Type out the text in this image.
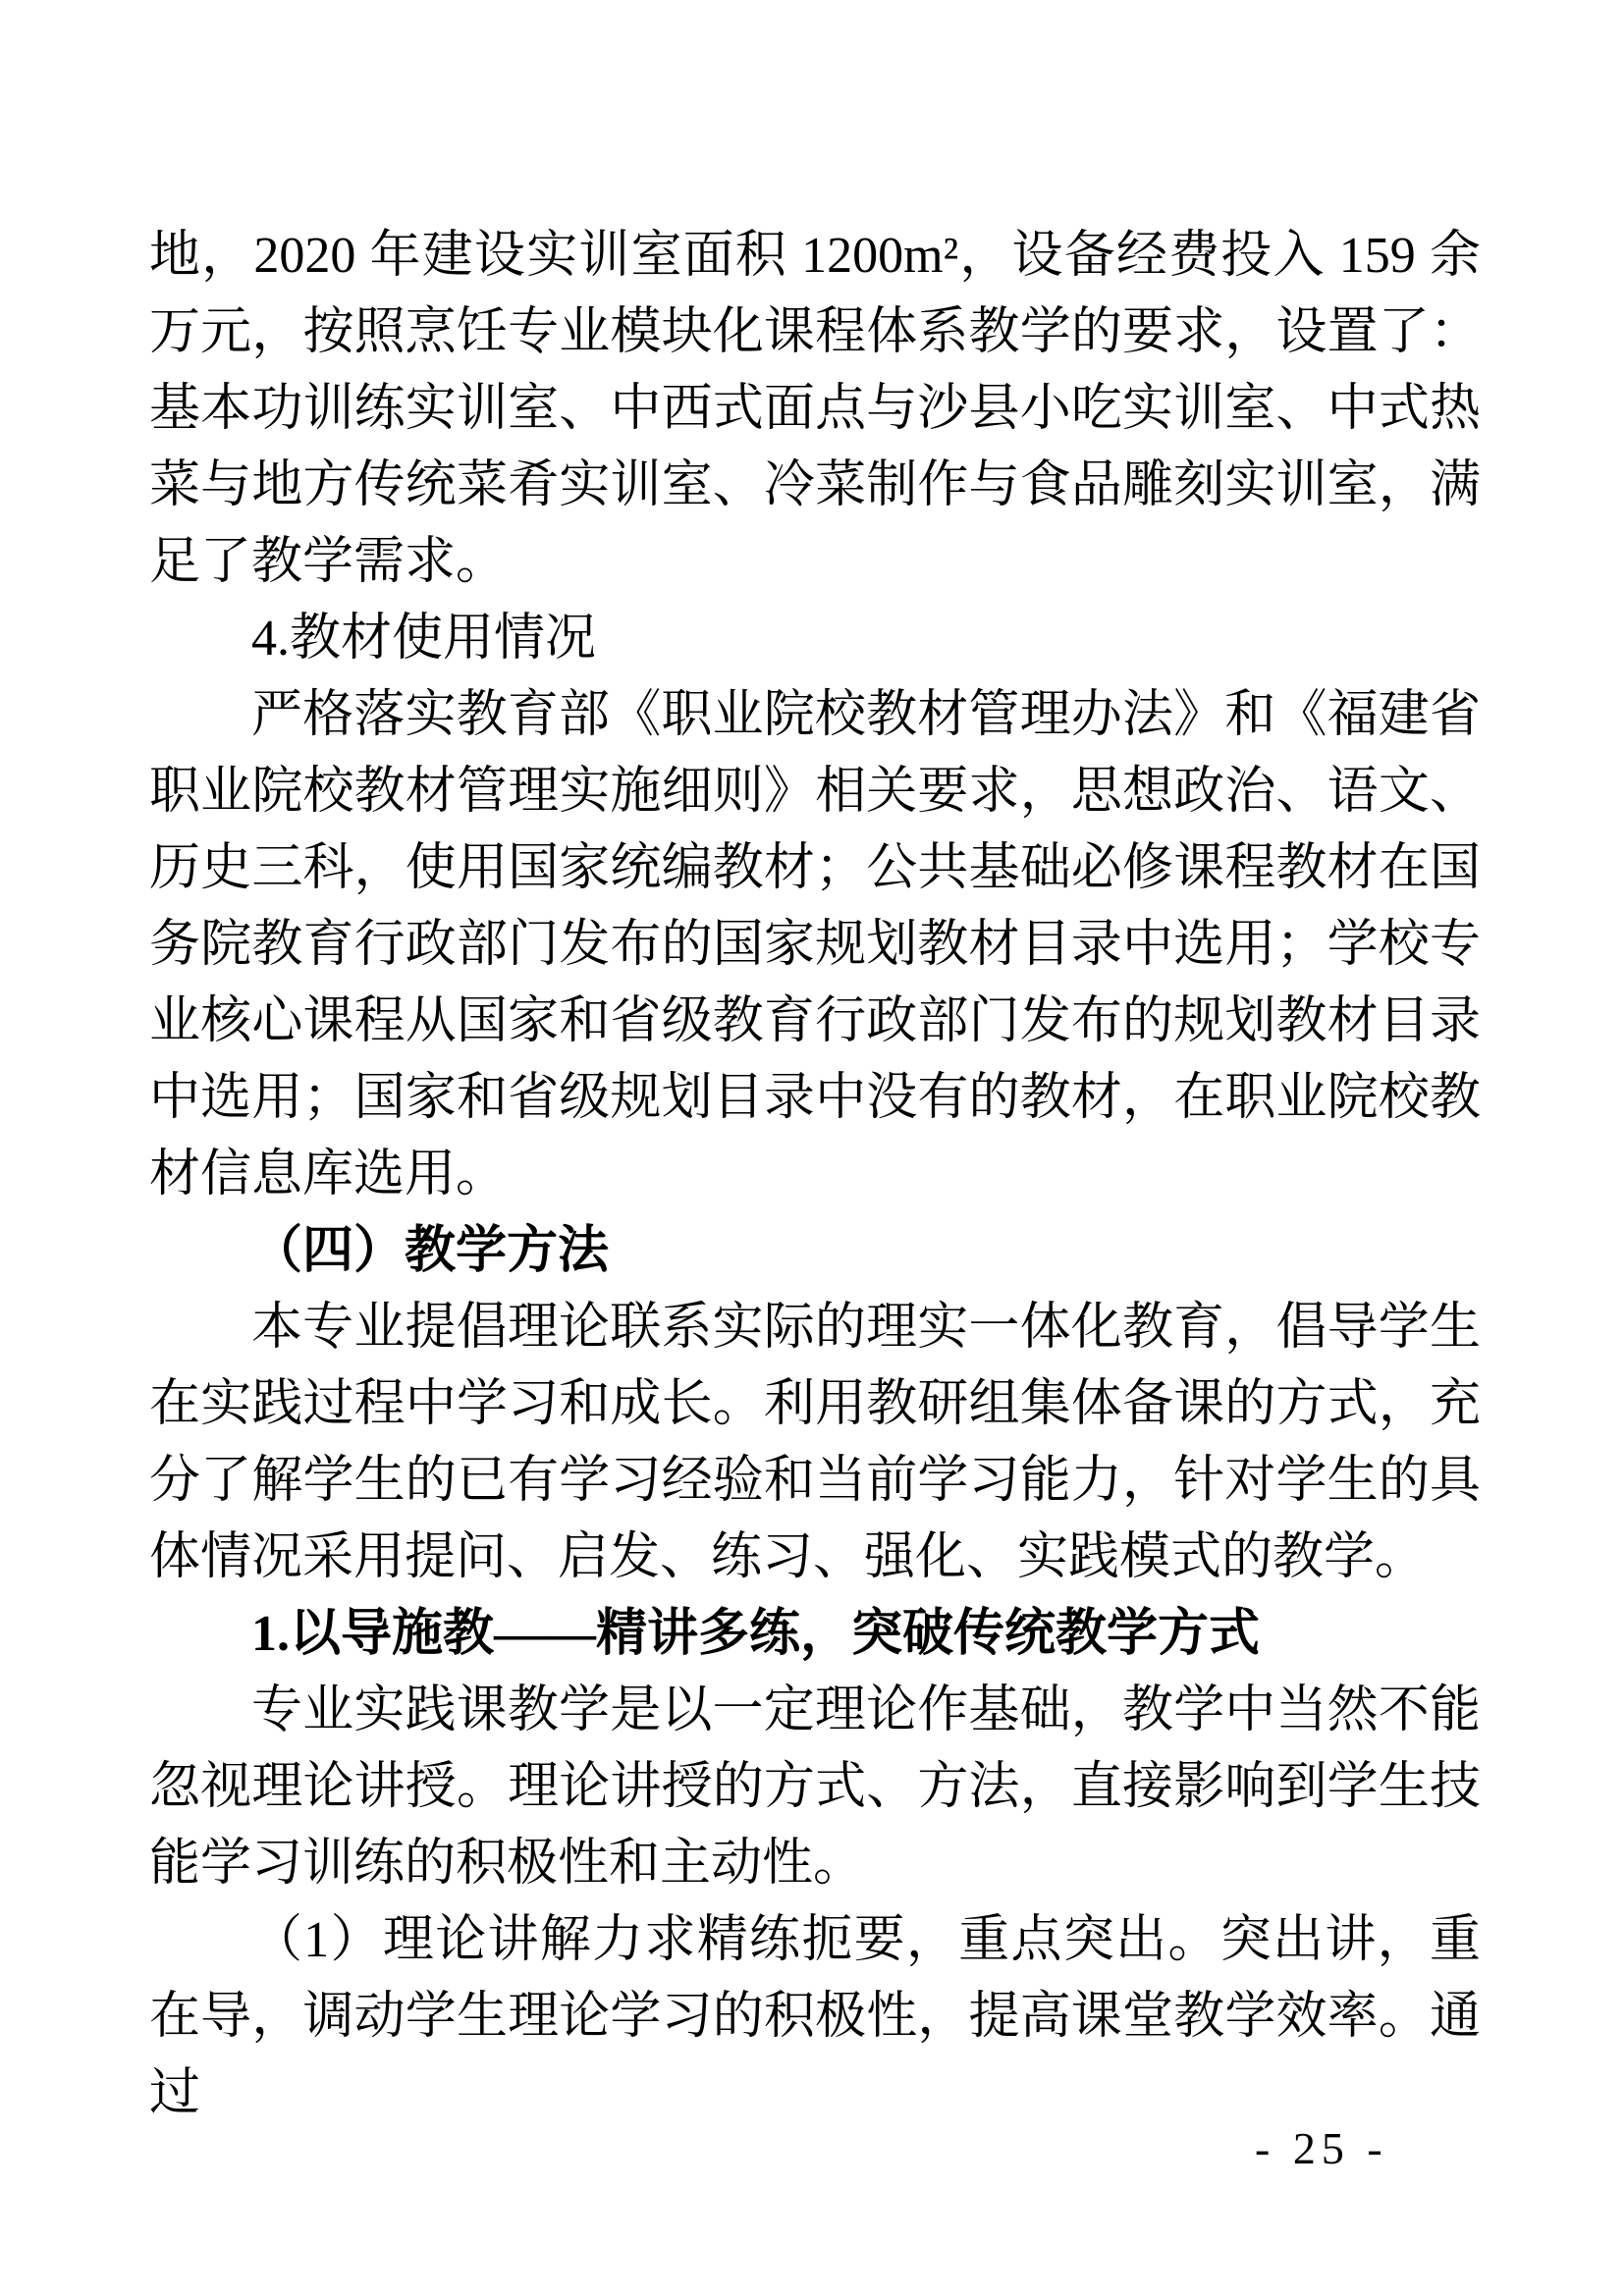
地，2020 年建设实训室面积 1200m²，设备经费投入 159 余万元，按照烹饪专业模块化课程体系教学的要求，设置了：基本功训练实训室、中西式面点与沙县小吃实训室、中式热菜与地方传统菜肴实训室、冷菜制作与食品雕刻实训室，满足了教学需求。

4.教材使用情况

严格落实教育部《职业院校教材管理办法》和《福建省职业院校教材管理实施细则》相关要求，思想政治、语文、历史三科，使用国家统编教材；公共基础必修课程教材在国务院教育行政部门发布的国家规划教材目录中选用；学校专业核心课程从国家和省级教育行政部门发布的规划教材目录中选用；国家和省级规划目录中没有的教材，在职业院校教材信息库选用。

（四）教学方法

本专业提倡理论联系实际的理实一体化教育，倡导学生在实践过程中学习和成长。利用教研组集体备课的方式，充分了解学生的已有学习经验和当前学习能力，针对学生的具体情况采用提问、启发、练习、强化、实践模式的教学。

1.以导施教——精讲多练，突破传统教学方式

专业实践课教学是以一定理论作基础，教学中当然不能忽视理论讲授。理论讲授的方式、方法，直接影响到学生技能学习训练的积极性和主动性。

（1）理论讲解力求精练扼要，重点突出。突出讲，重在导，调动学生理论学习的积极性，提高课堂教学效率。通过

- 25 -
